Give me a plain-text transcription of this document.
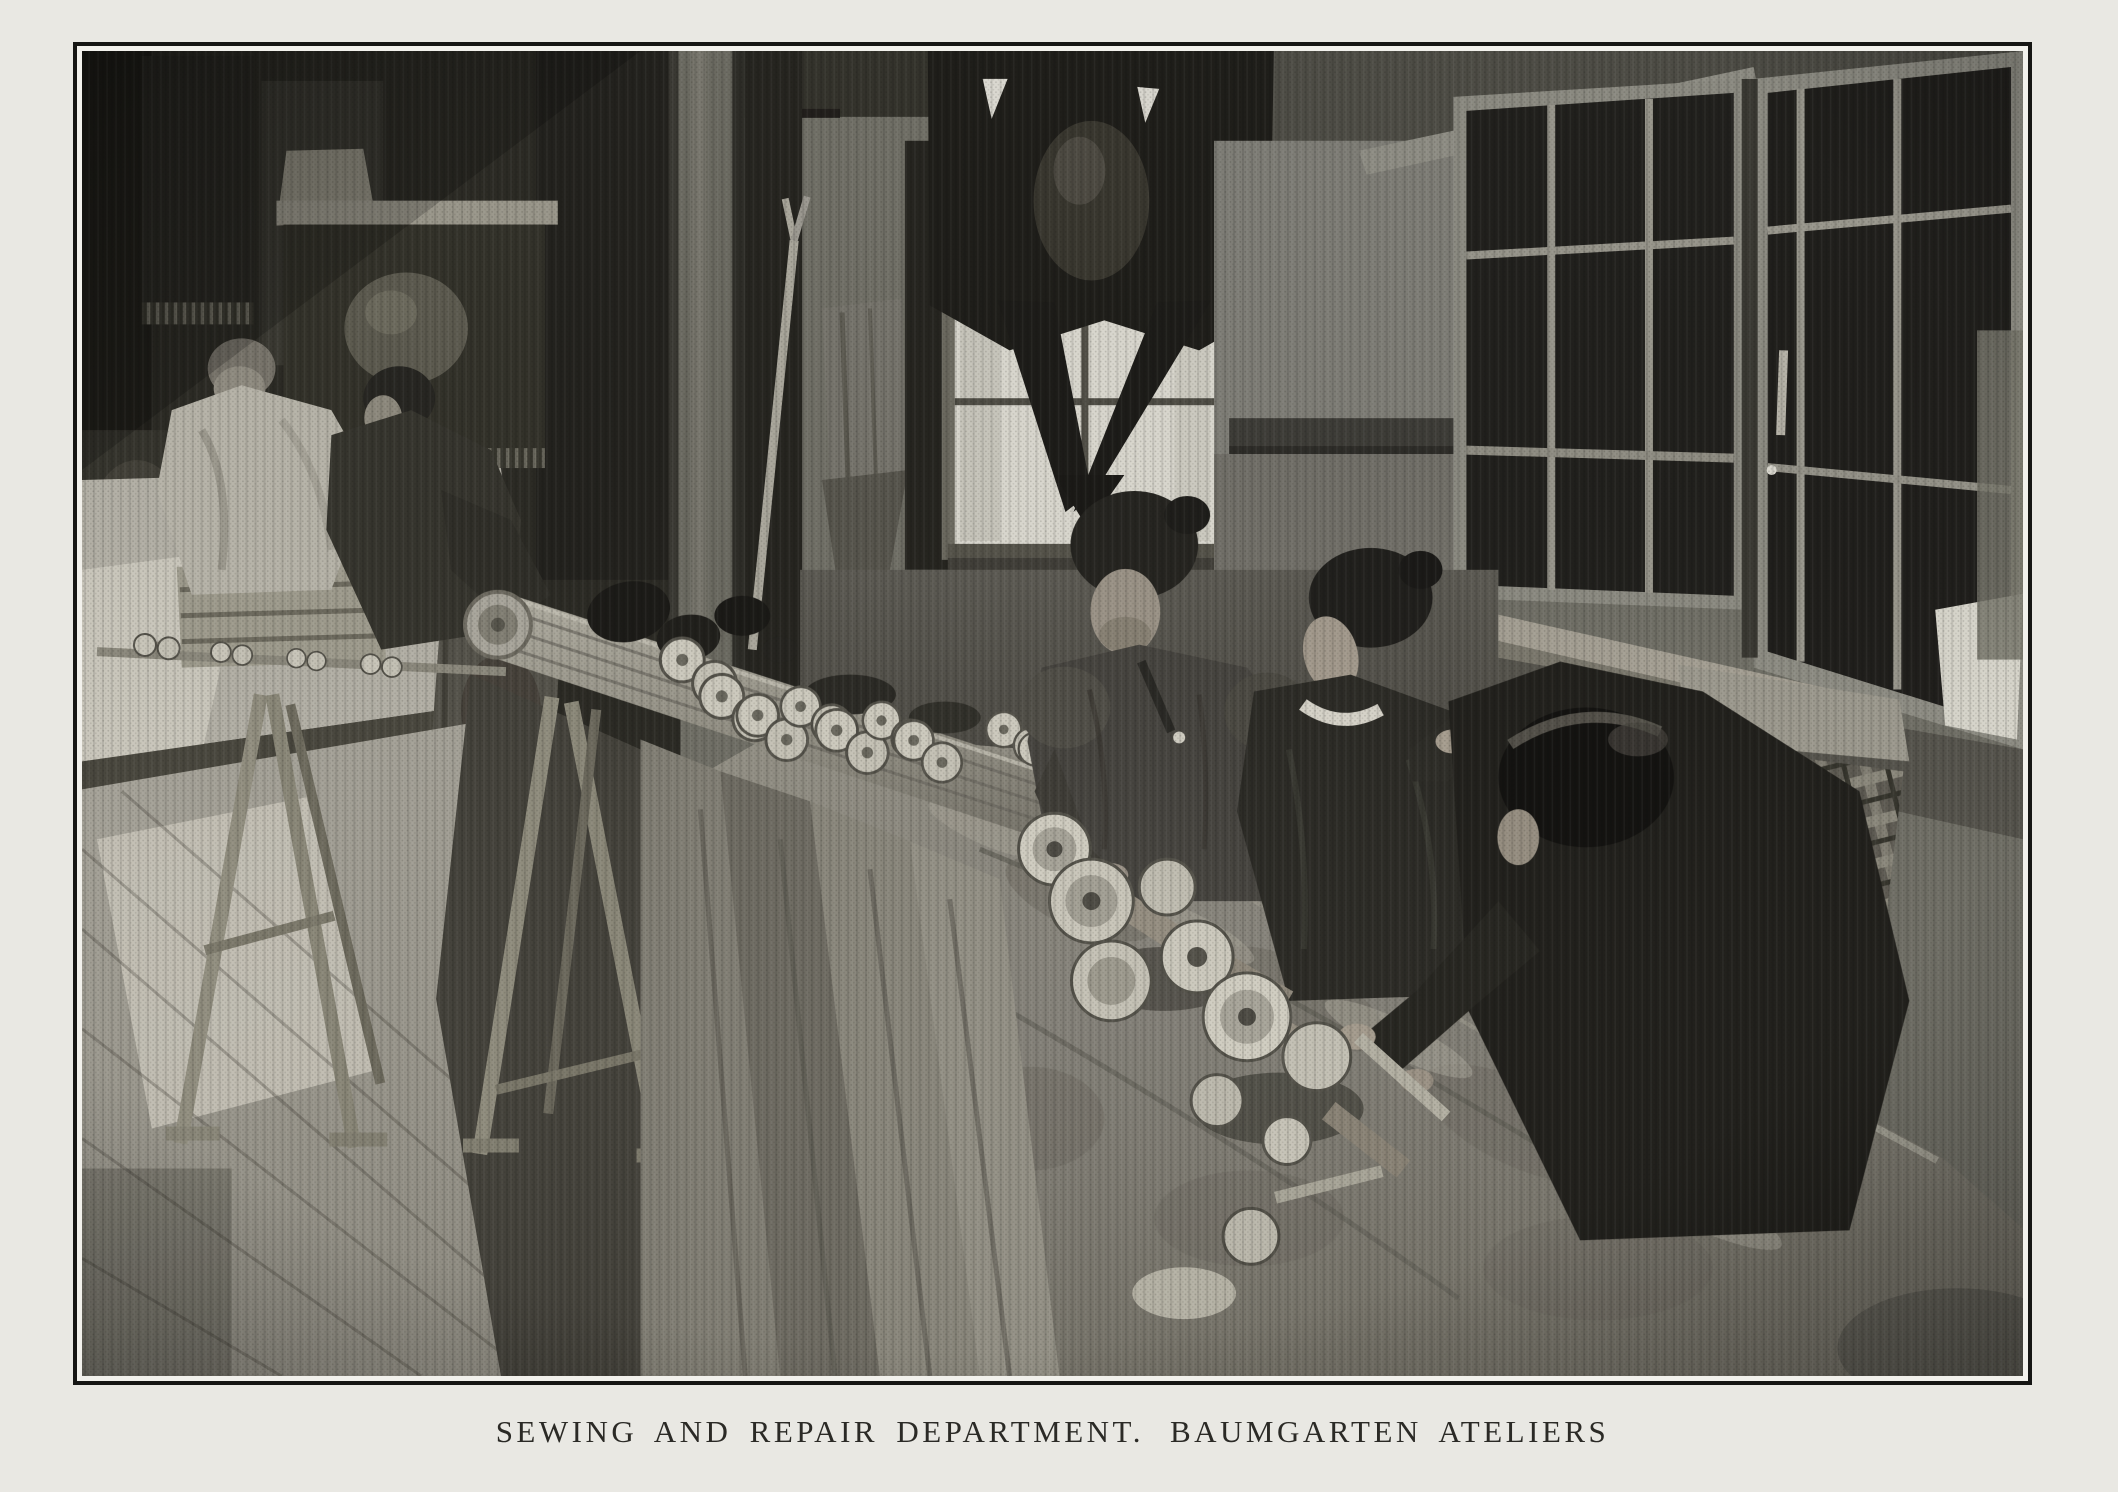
SEWING AND REPAIR DEPARTMENT. BAUMGARTEN ATELIERS
